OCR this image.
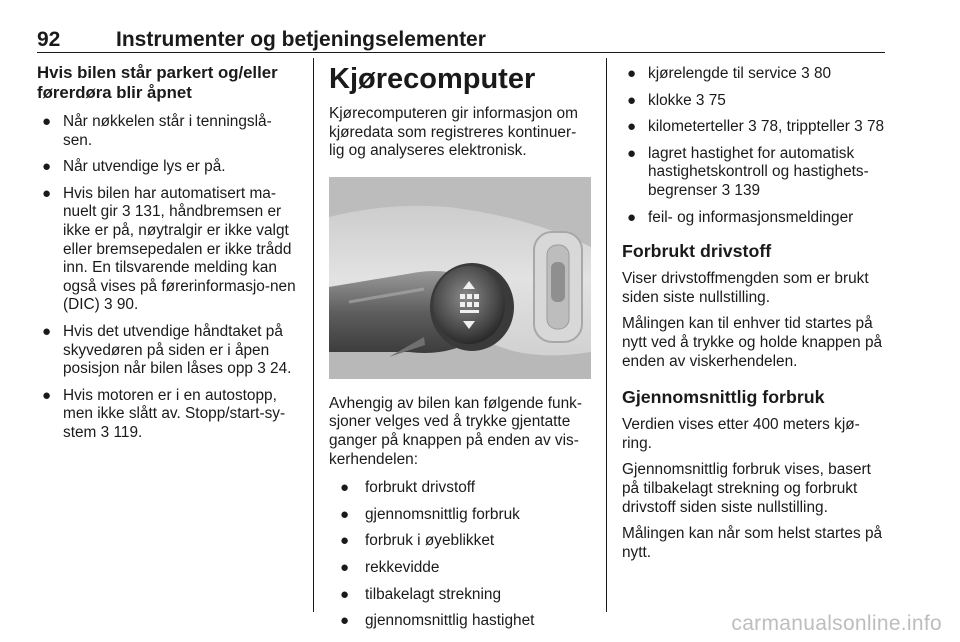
92	Instrumenter og betjeningselementer

Hvis bilen står parkert og/eller førerdøra blir åpnet

● Når nøkkelen står i tenningslå-sen.
● Når utvendige lys er på.
● Hvis bilen har automatisert ma-nuelt gir 3 131, håndbremsen er ikke er på, nøytralgir er ikke valgt eller bremsepedalen er ikke trådd inn. En tilsvarende melding kan også vises på førerinformasjo-nen (DIC) 3 90.
● Hvis det utvendige håndtaket på skyvedøren på siden er i åpen posisjon når bilen låses opp 3 24.
● Hvis motoren er i en autostopp, men ikke slått av. Stopp/start-sy-stem 3 119.

Kjørecomputer

Kjørecomputeren gir informasjon om kjøredata som registreres kontinuer-lig og analyseres elektronisk.

Avhengig av bilen kan følgende funk-sjoner velges ved å trykke gjentatte ganger på knappen på enden av vis-kerhendelen:

● forbrukt drivstoff
● gjennomsnittlig forbruk
● forbruk i øyeblikket
● rekkevidde
● tilbakelagt strekning
● gjennomsnittlig hastighet
● kjørelengde til service 3 80
● klokke 3 75
● kilometerteller 3 78, trippteller 3 78
● lagret hastighet for automatisk hastighetskontroll og hastighets-begrenser 3 139
● feil- og informasjonsmeldinger

Forbrukt drivstoff

Viser drivstoffmengden som er brukt siden siste nullstilling.

Målingen kan til enhver tid startes på nytt ved å trykke og holde knappen på enden av viskerhendelen.

Gjennomsnittlig forbruk

Verdien vises etter 400 meters kjø-ring.

Gjennomsnittlig forbruk vises, basert på tilbakelagt strekning og forbrukt drivstoff siden siste nullstilling.

Målingen kan når som helst startes på nytt.

carmanualsonline.info
